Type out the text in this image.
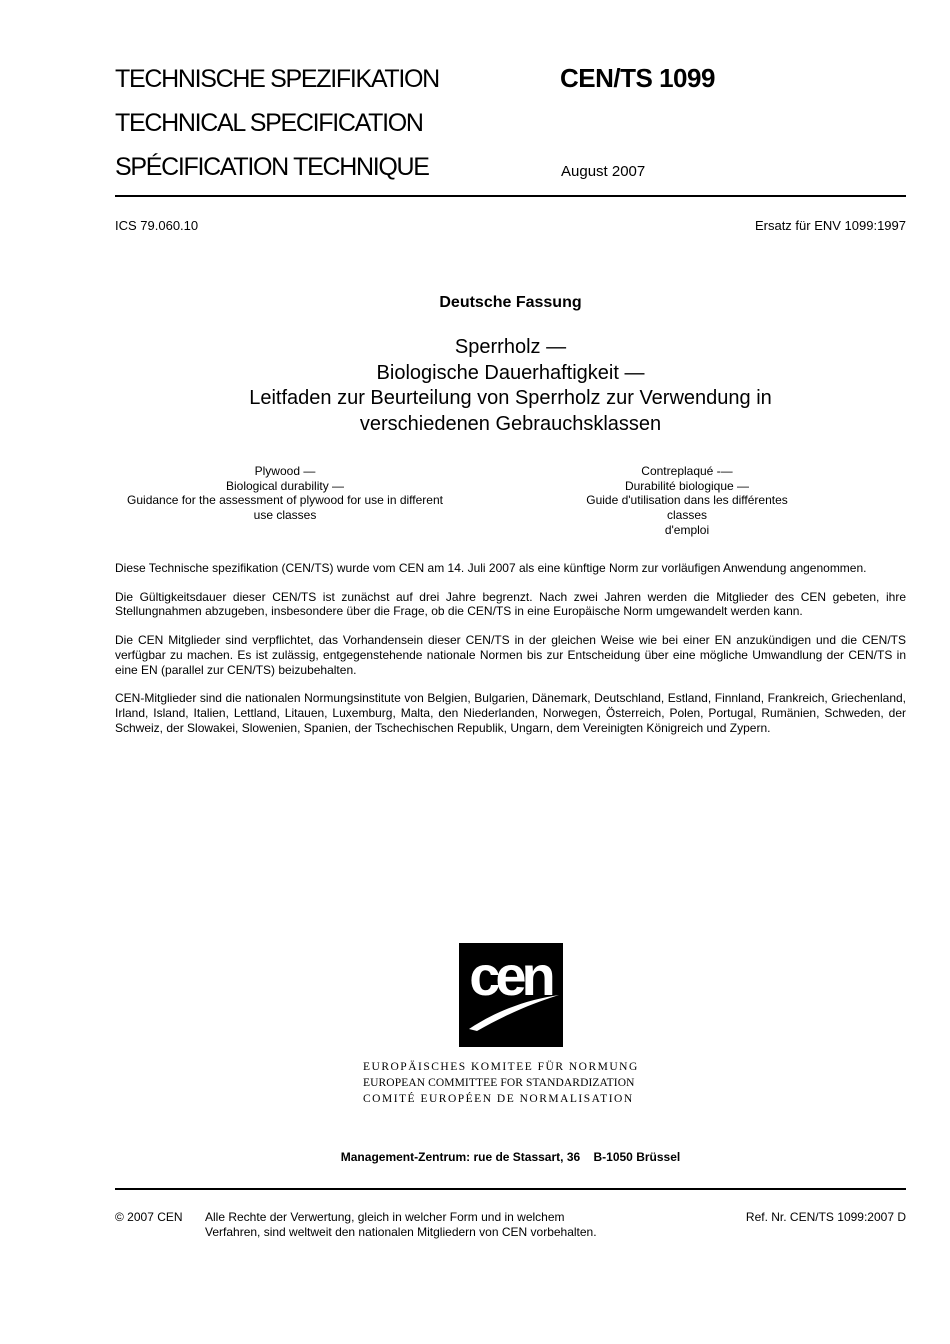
TECHNISCHE SPEZIFIKATION
TECHNICAL SPECIFICATION
SPÉCIFICATION TECHNIQUE
CEN/TS 1099
August 2007
ICS 79.060.10	Ersatz für ENV 1099:1997
Deutsche Fassung
Sperrholz —
Biologische Dauerhaftigkeit —
Leitfaden zur Beurteilung von Sperrholz zur Verwendung in
verschiedenen Gebrauchsklassen
Plywood —
Biological durability —
Guidance for the assessment of plywood for use in different
use classes
Contreplaqué -—
Durabilité biologique —
Guide d'utilisation dans les différentes classes
d'emploi

Diese Technische spezifikation (CEN/TS) wurde vom CEN am 14. Juli 2007 als eine künftige Norm zur vorläufigen Anwendung angenommen.

Die Gültigkeitsdauer dieser CEN/TS ist zunächst auf drei Jahre begrenzt. Nach zwei Jahren werden die Mitglieder des CEN gebeten, ihre Stellungnahmen abzugeben, insbesondere über die Frage, ob die CEN/TS in eine Europäische Norm umgewandelt werden kann.

Die CEN Mitglieder sind verpflichtet, das Vorhandensein dieser CEN/TS in der gleichen Weise wie bei einer EN anzukündigen und die CEN/TS verfügbar zu machen. Es ist zulässig, entgegenstehende nationale Normen bis zur Entscheidung über eine mögliche Umwandlung der CEN/TS in eine EN (parallel zur CEN/TS) beizubehalten.

CEN-Mitglieder sind die nationalen Normungsinstitute von Belgien, Bulgarien, Dänemark, Deutschland, Estland, Finnland, Frankreich, Griechenland, Irland, Island, Italien, Lettland, Litauen, Luxemburg, Malta, den Niederlanden, Norwegen, Österreich, Polen, Portugal, Rumänien, Schweden, der Schweiz, der Slowakei, Slowenien, Spanien, der Tschechischen Republik, Ungarn, dem Vereinigten Königreich und Zypern.

cen
EUROPÄISCHES KOMITEE FÜR NORMUNG
EUROPEAN COMMITTEE FOR STANDARDIZATION
COMITÉ EUROPÉEN DE NORMALISATION
Management-Zentrum: rue de Stassart, 36    B-1050 Brüssel
© 2007 CEN Alle Rechte der Verwertung, gleich in welcher Form und in welchem
Verfahren, sind weltweit den nationalen Mitgliedern von CEN vorbehalten.
Ref. Nr. CEN/TS 1099:2007 D
